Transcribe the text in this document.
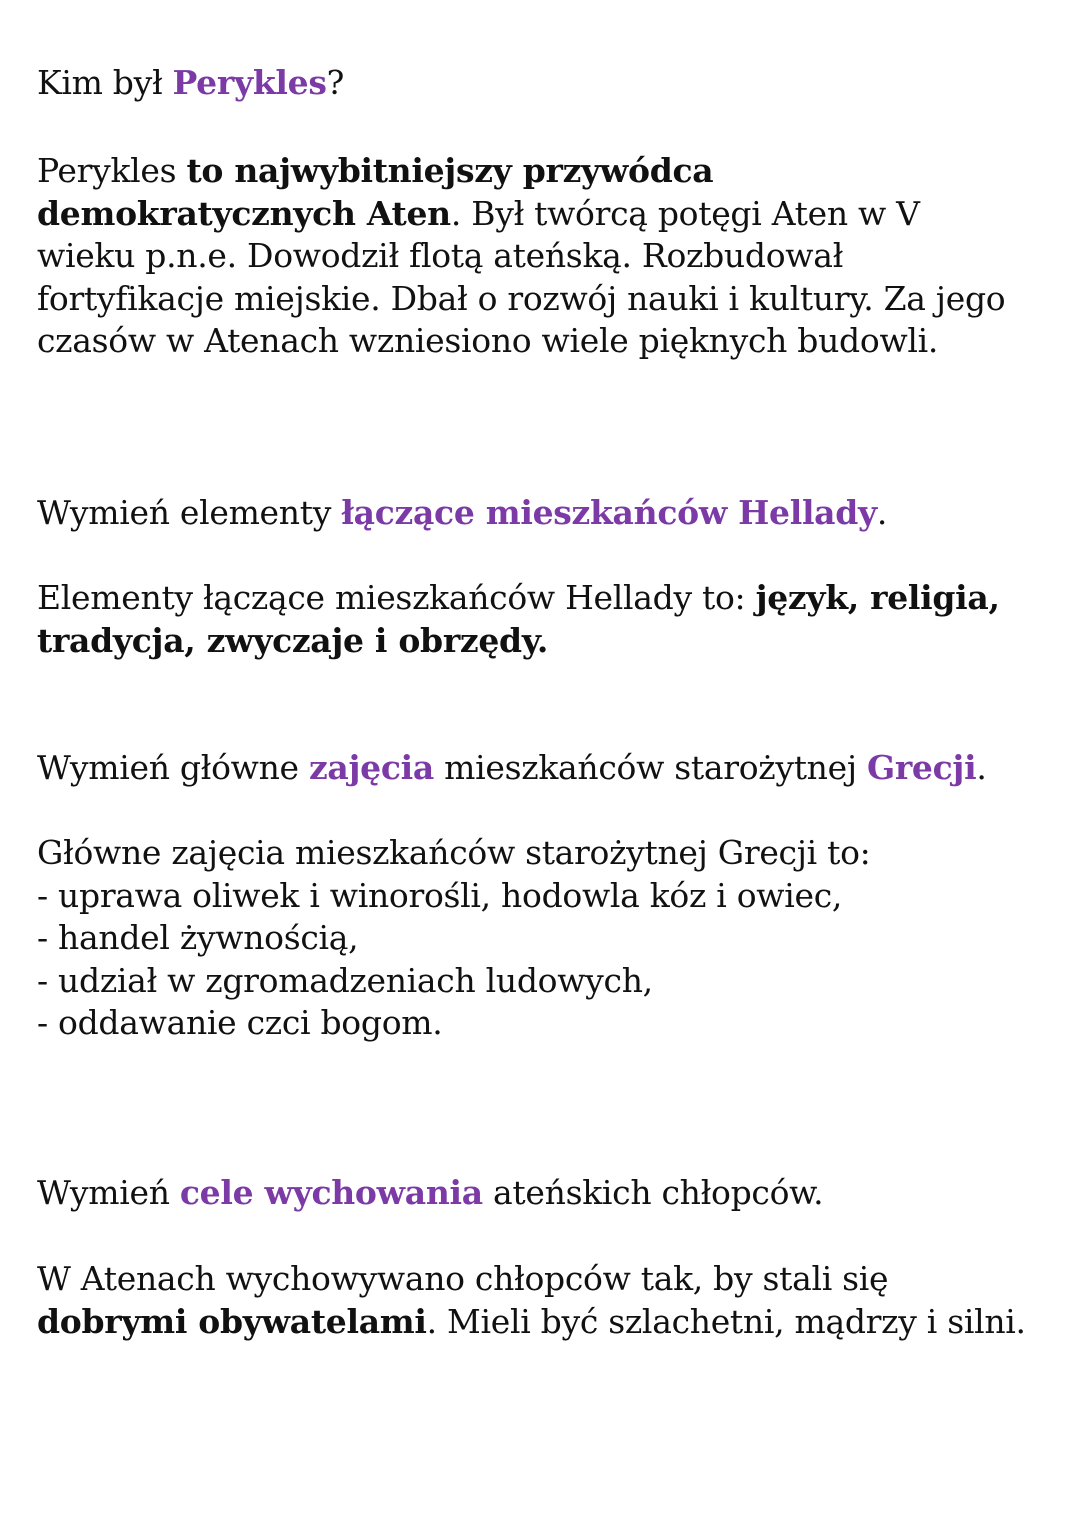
Kim był Perykles?

Perykles to najwybitniejszy przywódca demokratycznych Aten. Był twórcą potęgi Aten w V wieku p.n.e. Dowodził flotą ateńską. Rozbudował fortyfikacje miejskie. Dbał o rozwój nauki i kultury. Za jego czasów w Atenach wzniesiono wiele pięknych budowli.

Wymień elementy łączące mieszkańców Hellady.

Elementy łączące mieszkańców Hellady to: język, religia, tradycja, zwyczaje i obrzędy.

Wymień główne zajęcia mieszkańców starożytnej Grecji.

Główne zajęcia mieszkańców starożytnej Grecji to:
- uprawa oliwek i winorośli, hodowla kóz i owiec,
- handel żywnością,
- udział w zgromadzeniach ludowych,
- oddawanie czci bogom.

Wymień cele wychowania ateńskich chłopców.

W Atenach wychowywano chłopców tak, by stali się dobrymi obywatelami. Mieli być szlachetni, mądrzy i silni.
